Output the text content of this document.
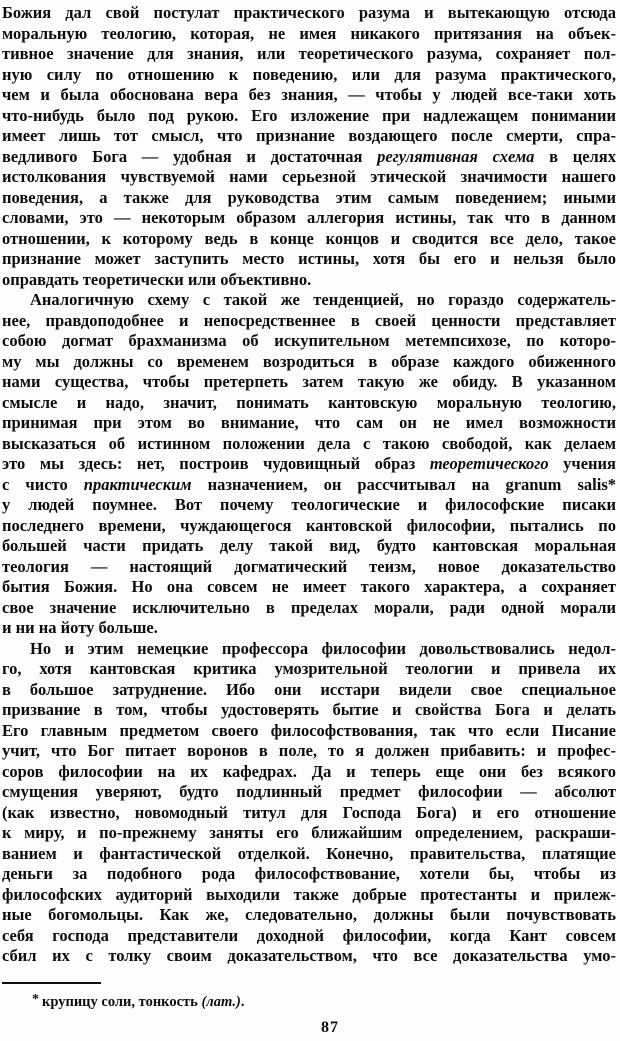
Божия дал свой постулат практического разума и вытекающую отсюда
моральную теологию, которая, не имея никакого притязания на объек-
тивное значение для знания, или теоретического разума, сохраняет пол-
ную силу по отношению к поведению, или для разума практического,
чем и была обоснована вера без знания, — чтобы у людей все-таки хоть
что-нибудь было под рукою. Его изложение при надлежащем понимании
имеет лишь тот смысл, что признание воздающего после смерти, спра-
ведливого Бога — удобная и достаточная регулятивная схема в целях
истолкования чувствуемой нами серьезной этической значимости нашего
поведения, а также для руководства этим самым поведением; иными
словами, это — некоторым образом аллегория истины, так что в данном
отношении, к которому ведь в конце концов и сводится все дело, такое
признание может заступить место истины, хотя бы его и нельзя было
оправдать теоретически или объективно.
Аналогичную схему с такой же тенденцией, но гораздо содержатель-
нее, правдоподобнее и непосредственнее в своей ценности представляет
собою догмат брахманизма об искупительном метемпсихозе, по которо-
му мы должны со временем возродиться в образе каждого обиженного
нами существа, чтобы претерпеть затем такую же обиду. В указанном
смысле и надо, значит, понимать кантовскую моральную теологию,
принимая при этом во внимание, что сам он не имел возможности
высказаться об истинном положении дела с такою свободой, как делаем
это мы здесь: нет, построив чудовищный образ теоретического учения
с чисто практическим назначением, он рассчитывал на granum salis*
у людей поумнее. Вот почему теологические и философские писаки
последнего времени, чуждающегося кантовской философии, пытались по
большей части придать делу такой вид, будто кантовская моральная
теология — настоящий догматический теизм, новое доказательство
бытия Божия. Но она совсем не имеет такого характера, а сохраняет
свое значение исключительно в пределах морали, ради одной морали
и ни на йоту больше.
Но и этим немецкие профессора философии довольствовались недол-
го, хотя кантовская критика умозрительной теологии и привела их
в большое затруднение. Ибо они исстари видели свое специальное
призвание в том, чтобы удостоверять бытие и свойства Бога и делать
Его главным предметом своего философствования, так что если Писание
учит, что Бог питает воронов в поле, то я должен прибавить: и профес-
соров философии на их кафедрах. Да и теперь еще они без всякого
смущения уверяют, будто подлинный предмет философии — абсолют
(как известно, новомодный титул для Господа Бога) и его отношение
к миру, и по-прежнему заняты его ближайшим определением, раскраши-
ванием и фантастической отделкой. Конечно, правительства, платящие
деньги за подобного рода философствование, хотели бы, чтобы из
философских аудиторий выходили также добрые протестанты и прилеж-
ные богомольцы. Как же, следовательно, должны были почувствовать
себя господа представители доходной философии, когда Кант совсем
сбил их с толку своим доказательством, что все доказательства умо-
* крупицу соли, тонкость (лат.).
87
